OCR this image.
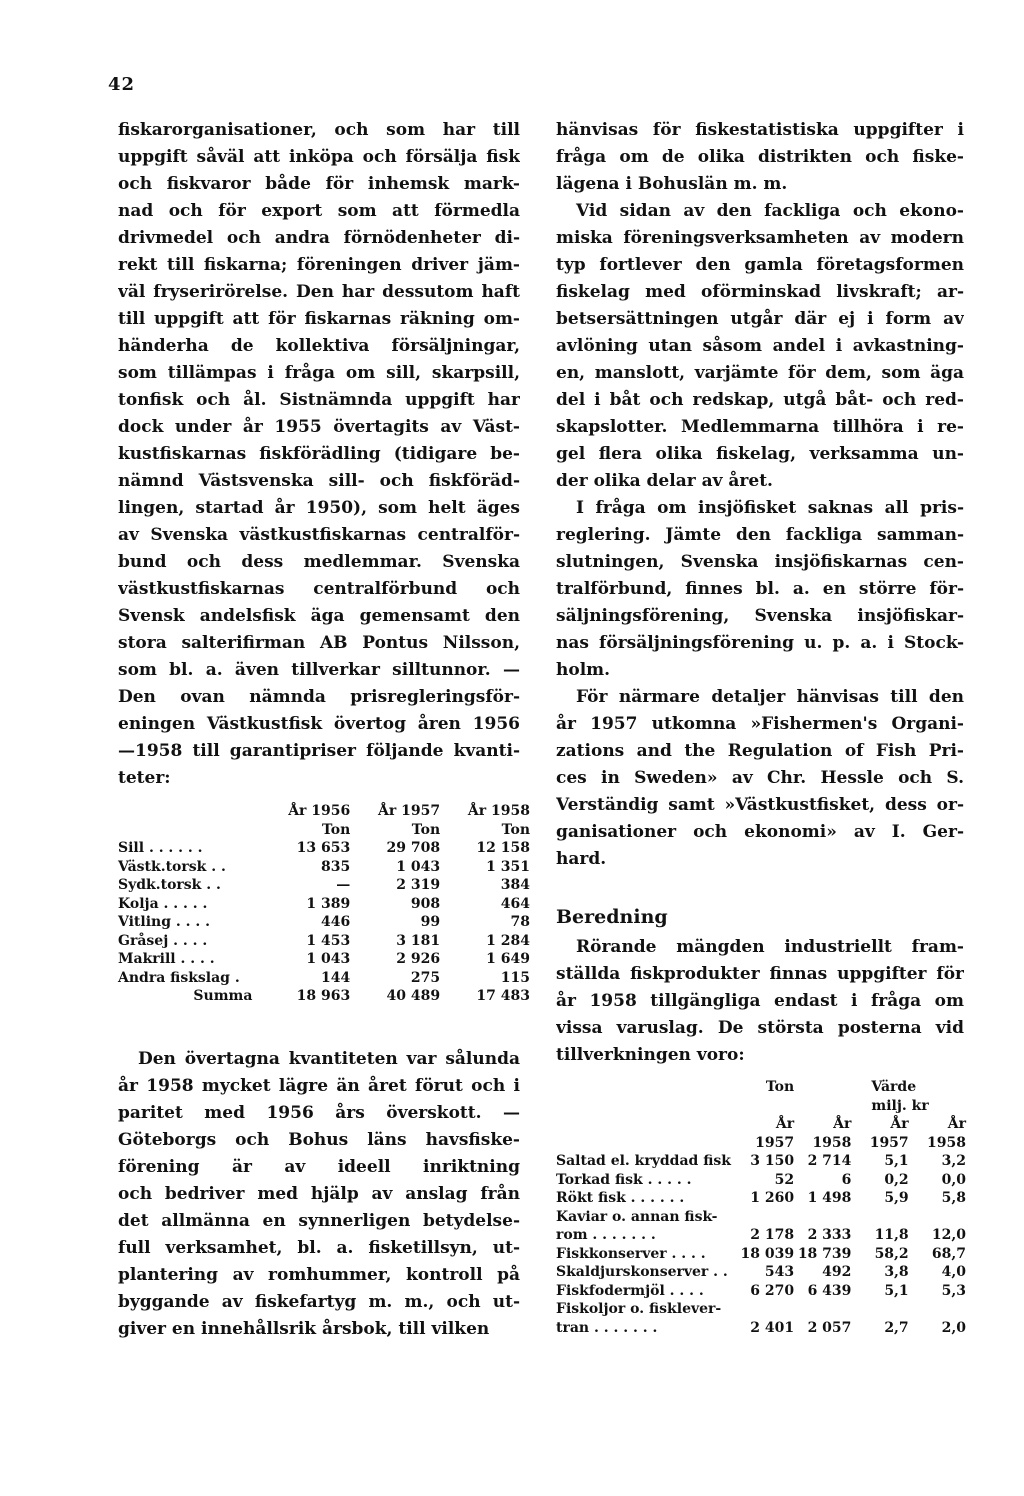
42
fiskarorganisationer, och som har till
uppgift såväl att inköpa och försälja fisk
och fiskvaror både för inhemsk mark-
nad och för export som att förmedla
drivmedel och andra förnödenheter di-
rekt till fiskarna; föreningen driver jäm-
väl fryserirörelse. Den har dessutom haft
till uppgift att för fiskarnas räkning om-
händerha de kollektiva försäljningar,
som tillämpas i fråga om sill, skarpsill,
tonfisk och ål. Sistnämnda uppgift har
dock under år 1955 övertagits av Väst-
kustfiskarnas fiskförädling (tidigare be-
nämnd Västsvenska sill- och fiskföräd-
lingen, startad år 1950), som helt äges
av Svenska västkustfiskarnas centralför-
bund och dess medlemmar. Svenska
västkustfiskarnas centralförbund och
Svensk andelsfisk äga gemensamt den
stora salterifirman AB Pontus Nilsson,
som bl. a. även tillverkar silltunnor. —
Den ovan nämnda prisregleringsför-
eningen Västkustfisk övertog åren 1956
—1958 till garantipriser följande kvanti-
teter:
	År 1956	År 1957	År 1958
	Ton	Ton	Ton
Sill . . . . . .	13 653	29 708	12 158
Västk.torsk . .	835	1 043	1 351
Sydk.torsk . .	—	2 319	384
Kolja . . . . .	1 389	908	464
Vitling . . . .	446	99	78
Gråsej . . . .	1 453	3 181	1 284
Makrill . . . .	1 043	2 926	1 649
Andra fiskslag .	144	275	115
Summa	18 963	40 489	17 483
Den övertagna kvantiteten var sålunda
år 1958 mycket lägre än året förut och i
paritet med 1956 års överskott. —
Göteborgs och Bohus läns havsfiske-
förening är av ideell inriktning
och bedriver med hjälp av anslag från
det allmänna en synnerligen betydelse-
full verksamhet, bl. a. fisketillsyn, ut-
plantering av romhummer, kontroll på
byggande av fiskefartyg m. m., och ut-
giver en innehållsrik årsbok, till vilken
hänvisas för fiskestatistiska uppgifter i
fråga om de olika distrikten och fiske-
lägena i Bohuslän m. m.
Vid sidan av den fackliga och ekono-
miska föreningsverksamheten av modern
typ fortlever den gamla företagsformen
fiskelag med oförminskad livskraft; ar-
betsersättningen utgår där ej i form av
avlöning utan såsom andel i avkastning-
en, manslott, varjämte för dem, som äga
del i båt och redskap, utgå båt- och red-
skapslotter. Medlemmarna tillhöra i re-
gel flera olika fiskelag, verksamma un-
der olika delar av året.
I fråga om insjöfisket saknas all pris-
reglering. Jämte den fackliga samman-
slutningen, Svenska insjöfiskarnas cen-
tralförbund, finnes bl. a. en större för-
säljningsförening, Svenska insjöfiskar-
nas försäljningsförening u. p. a. i Stock-
holm.
För närmare detaljer hänvisas till den
år 1957 utkomna »Fishermen's Organi-
zations and the Regulation of Fish Pri-
ces in Sweden» av Chr. Hessle och S.
Verständig samt »Västkustfisket, dess or-
ganisationer och ekonomi» av I. Ger-
hard.
Beredning
Rörande mängden industriellt fram-
ställda fiskprodukter finnas uppgifter för
år 1958 tillgängliga endast i fråga om
vissa varuslag. De största posterna vid
tillverkningen voro:
	Ton		Värde	
			milj. kr	
	År	År	År	År
	1957	1958	1957	1958
Saltad el. kryddad fisk	3 150	2 714	5,1	3,2
Torkad fisk . . . . .	52	6	0,2	0,0
Rökt fisk . . . . . .	1 260	1 498	5,9	5,8
Kaviar o. annan fisk-				
rom . . . . . . .	2 178	2 333	11,8	12,0
Fiskkonserver . . . .	18 039	18 739	58,2	68,7
Skaldjurskonserver . .	543	492	3,8	4,0
Fiskfodermjöl . . . .	6 270	6 439	5,1	5,3
Fiskoljor o. fisklever-				
tran . . . . . . .	2 401	2 057	2,7	2,0
